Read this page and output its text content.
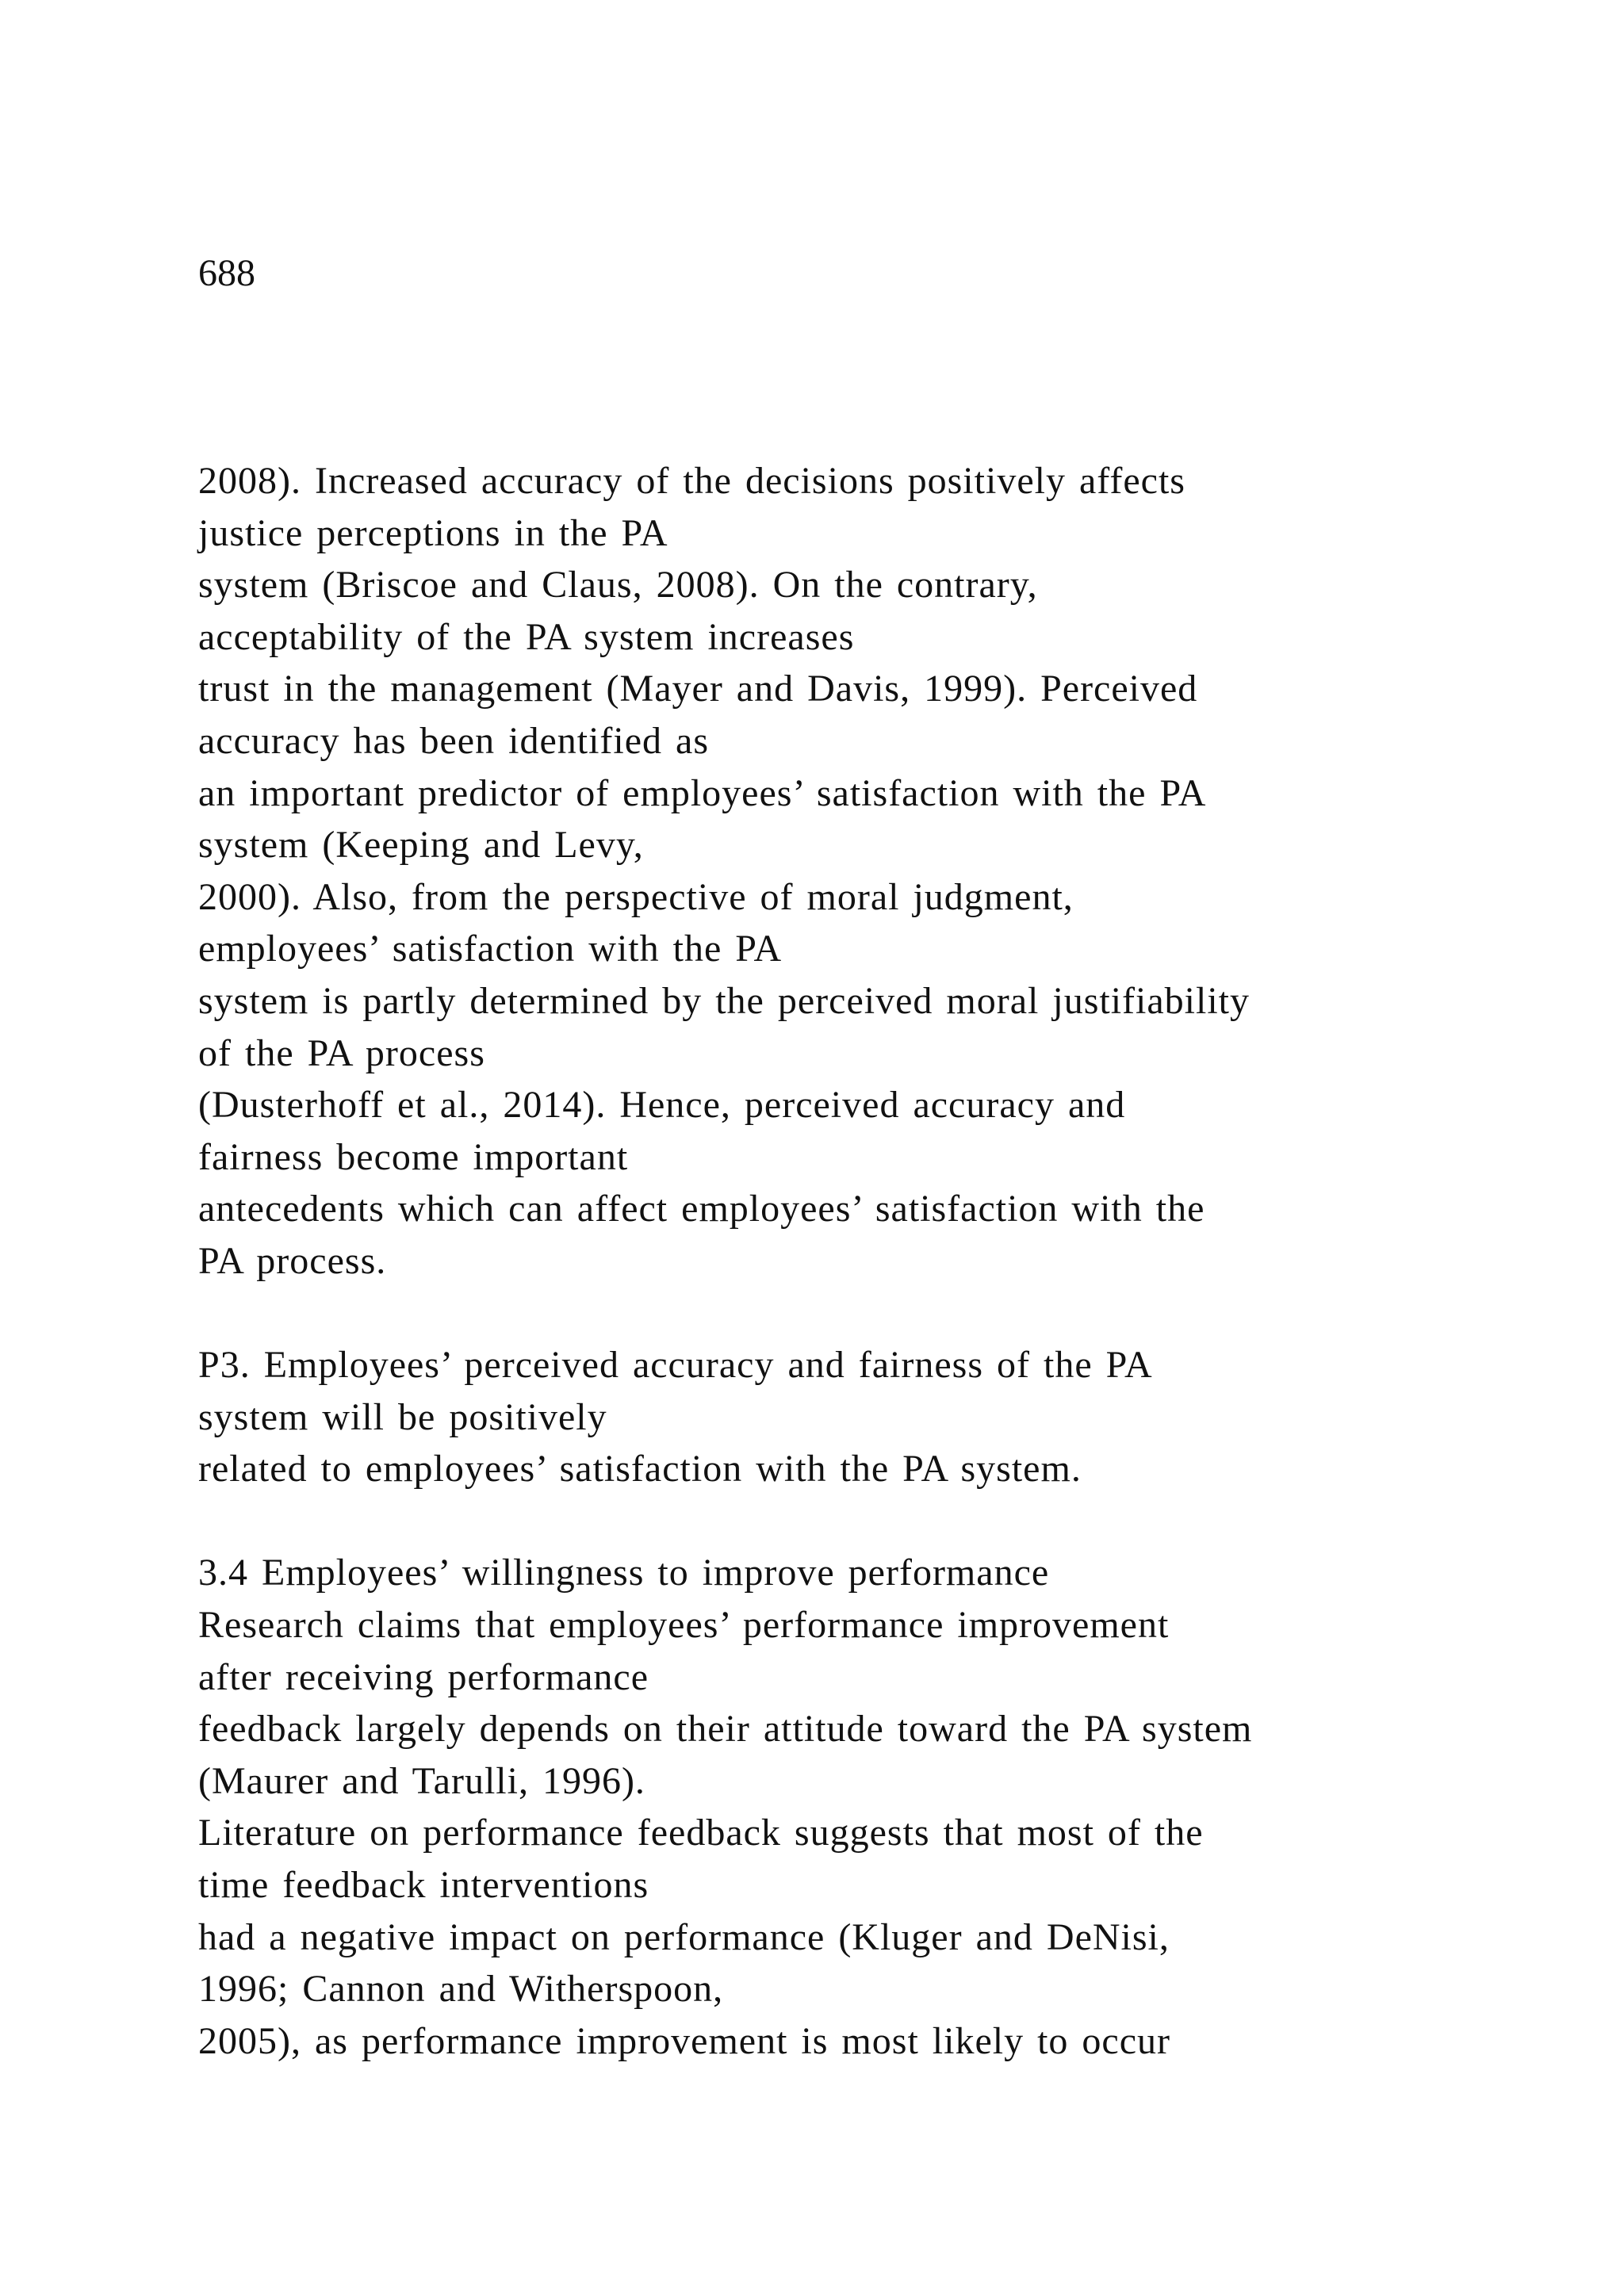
688

2008). Increased accuracy of the decisions positively affects
justice perceptions in the PA
system (Briscoe and Claus, 2008). On the contrary,
acceptability of the PA system increases
trust in the management (Mayer and Davis, 1999). Perceived
accuracy has been identified as
an important predictor of employees’ satisfaction with the PA
system (Keeping and Levy,
2000). Also, from the perspective of moral judgment,
employees’ satisfaction with the PA
system is partly determined by the perceived moral justifiability
of the PA process
(Dusterhoff et al., 2014). Hence, perceived accuracy and
fairness become important
antecedents which can affect employees’ satisfaction with the
PA process.

P3. Employees’ perceived accuracy and fairness of the PA
system will be positively
related to employees’ satisfaction with the PA system.

3.4 Employees’ willingness to improve performance
Research claims that employees’ performance improvement
after receiving performance
feedback largely depends on their attitude toward the PA system
(Maurer and Tarulli, 1996).
Literature on performance feedback suggests that most of the
time feedback interventions
had a negative impact on performance (Kluger and DeNisi,
1996; Cannon and Witherspoon,
2005), as performance improvement is most likely to occur
